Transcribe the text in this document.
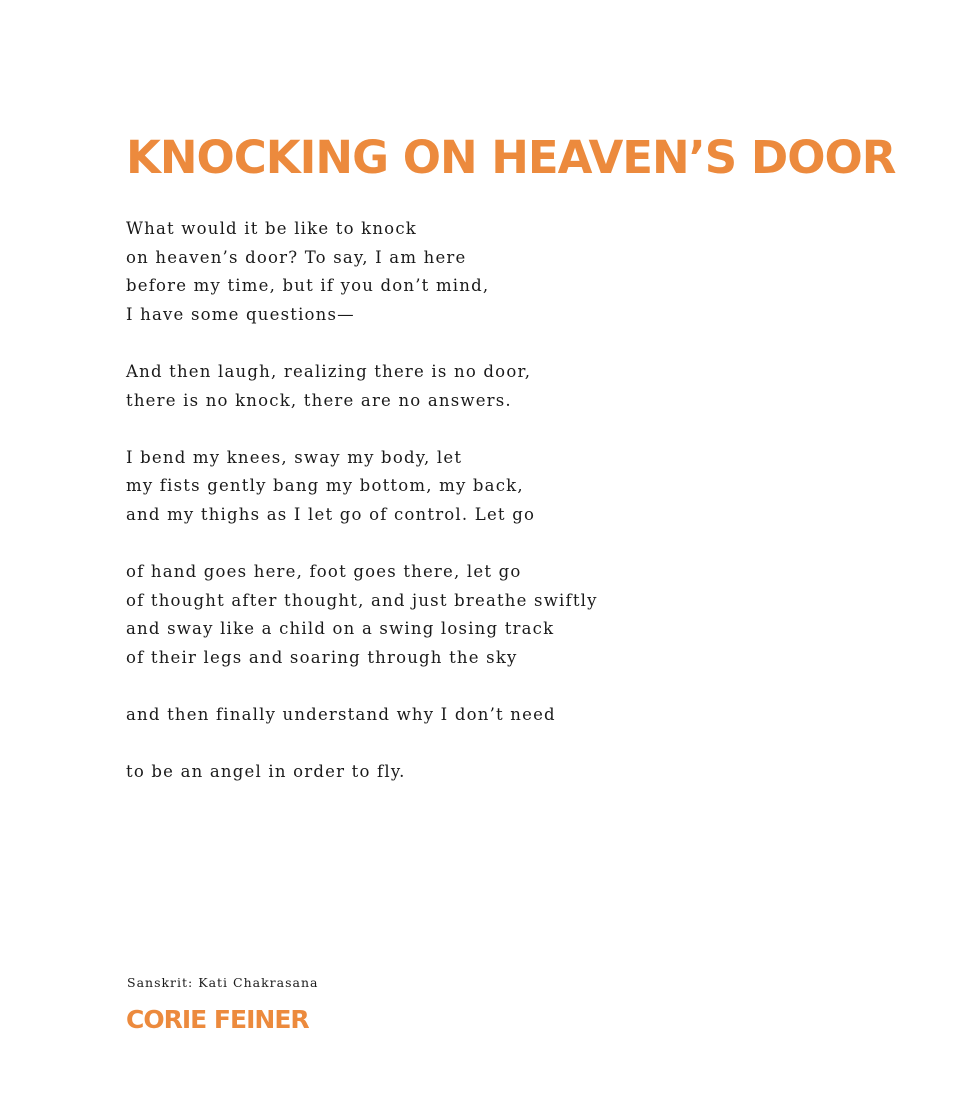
KNOCKING ON HEAVEN’S DOOR

What would it be like to knock
on heaven’s door? To say, I am here
before my time, but if you don’t mind,
I have some questions—

And then laugh, realizing there is no door,
there is no knock, there are no answers.

I bend my knees, sway my body, let
my fists gently bang my bottom, my back,
and my thighs as I let go of control. Let go

of hand goes here, foot goes there, let go
of thought after thought, and just breathe swiftly
and sway like a child on a swing losing track
of their legs and soaring through the sky

and then finally understand why I don’t need

to be an angel in order to fly.

Sanskrit: Kati Chakrasana

CORIE FEINER
